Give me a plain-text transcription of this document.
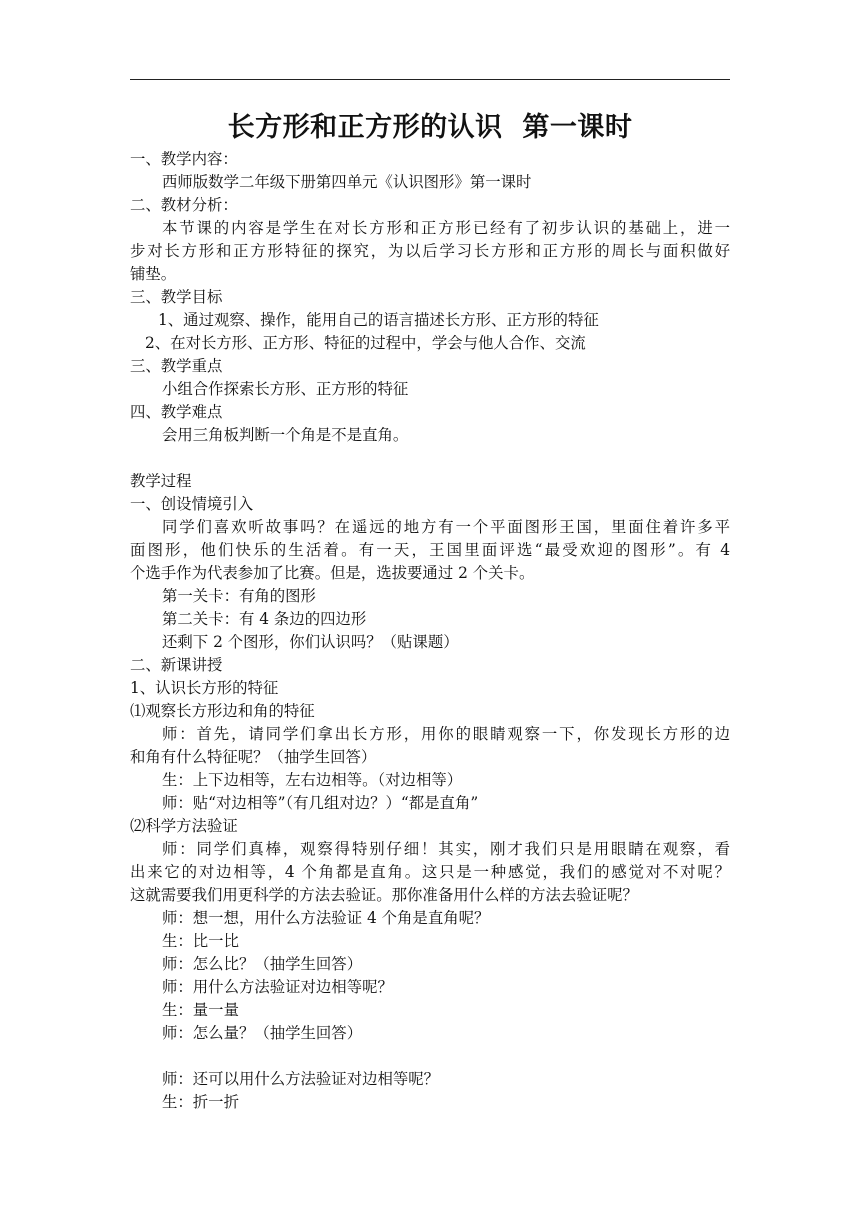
长方形和正方形的认识  第一课时
一、教学内容：
西师版数学二年级下册第四单元《认识图形》第一课时
二、教材分析：
本节课的内容是学生在对长方形和正方形已经有了初步认识的基础上，进一
步对长方形和正方形特征的探究，为以后学习长方形和正方形的周长与面积做好
铺垫。
三、教学目标
1、通过观察、操作，能用自己的语言描述长方形、正方形的特征
2、在对长方形、正方形、特征的过程中，学会与他人合作、交流
三、教学重点
小组合作探索长方形、正方形的特征
四、教学难点
会用三角板判断一个角是不是直角。
教学过程
一、创设情境引入
同学们喜欢听故事吗？在遥远的地方有一个平面图形王国，里面住着许多平
面图形，他们快乐的生活着。有一天，王国里面评选“最受欢迎的图形”。有 4
个选手作为代表参加了比赛。但是，选拔要通过 2 个关卡。
第一关卡：有角的图形
第二关卡：有 4 条边的四边形
还剩下 2 个图形，你们认识吗？（贴课题）
二、新课讲授
1、认识长方形的特征
⑴观察长方形边和角的特征
师：首先，请同学们拿出长方形，用你的眼睛观察一下，你发现长方形的边
和角有什么特征呢？（抽学生回答）
生：上下边相等，左右边相等。（对边相等）
师：贴“对边相等”（有几组对边？）“都是直角”
⑵科学方法验证
师：同学们真棒，观察得特别仔细！其实，刚才我们只是用眼睛在观察，看
出来它的对边相等，4 个角都是直角。这只是一种感觉，我们的感觉对不对呢？
这就需要我们用更科学的方法去验证。那你准备用什么样的方法去验证呢？
师：想一想，用什么方法验证 4 个角是直角呢？
生：比一比
师：怎么比？（抽学生回答）
师：用什么方法验证对边相等呢？
生：量一量
师：怎么量？（抽学生回答）
师：还可以用什么方法验证对边相等呢？
生：折一折
